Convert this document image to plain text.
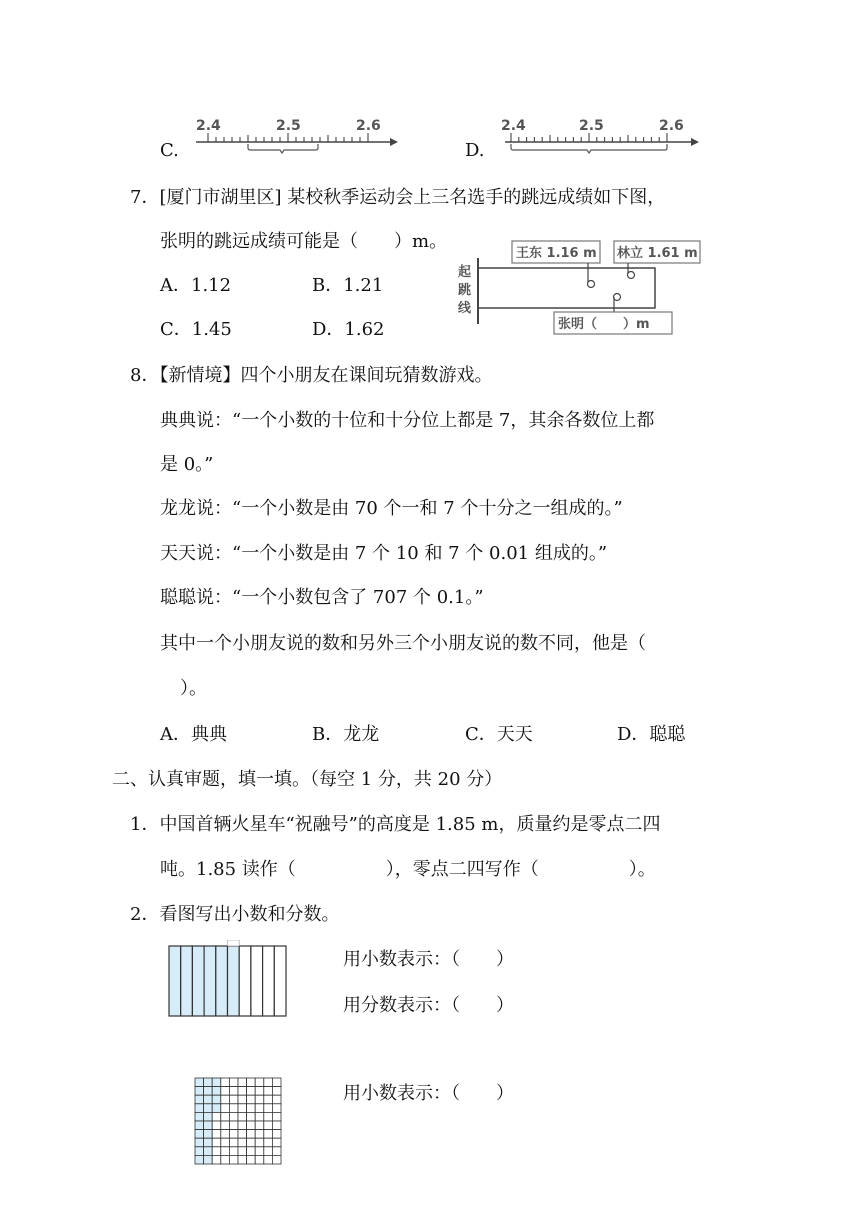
C.
2.4	2.5	2.6
D.
2.4	2.5	2.6
7．[厦门市湖里区] 某校秋季运动会上三名选手的跳远成绩如下图，
张明的跳远成绩可能是（　　）m。
起
跳
线
王东 1.16 m 林立 1.61 m
张明（　　）m
A．1.12	B．1.21
C．1.45	D．1.62
8．【新情境】四个小朋友在课间玩猜数游戏。
典典说：“一个小数的十位和十分位上都是 7，其余各数位上都
是 0。”
龙龙说：“一个小数是由 70 个一和 7 个十分之一组成的。”
天天说：“一个小数是由 7 个 10 和 7 个 0.01 组成的。”
聪聪说：“一个小数包含了 707 个 0.1。”
其中一个小朋友说的数和另外三个小朋友说的数不同，他是（
）。
A．典典	B．龙龙	C．天天	D．聪聪
二、认真审题，填一填。（每空 1 分，共 20 分）
1．中国首辆火星车“祝融号”的高度是 1.85 m，质量约是零点二四
吨。1.85 读作（　　　　　），零点二四写作（　　　　　）。
2．看图写出小数和分数。
用小数表示：（　　）
用分数表示：（　　）
用小数表示：（　　）
